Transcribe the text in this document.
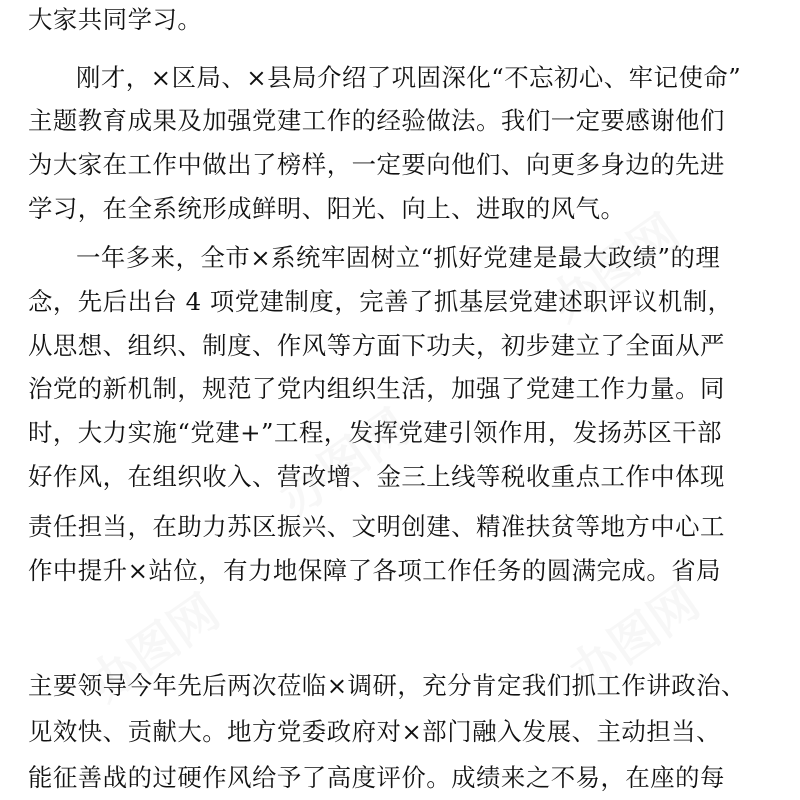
大家共同学习。
刚才，×区局、×县局介绍了巩固深化“不忘初心、牢记使命”
主题教育成果及加强党建工作的经验做法。我们一定要感谢他们
为大家在工作中做出了榜样，一定要向他们、向更多身边的先进
学习，在全系统形成鲜明、阳光、向上、进取的风气。
一年多来，全市×系统牢固树立“抓好党建是最大政绩”的理
念，先后出台 4 项党建制度，完善了抓基层党建述职评议机制，
从思想、组织、制度、作风等方面下功夫，初步建立了全面从严
治党的新机制，规范了党内组织生活，加强了党建工作力量。同
时，大力实施“党建+”工程，发挥党建引领作用，发扬苏区干部
好作风，在组织收入、营改增、金三上线等税收重点工作中体现
责任担当，在助力苏区振兴、文明创建、精准扶贫等地方中心工
作中提升×站位，有力地保障了各项工作任务的圆满完成。省局
主要领导今年先后两次莅临×调研，充分肯定我们抓工作讲政治、
见效快、贡献大。地方党委政府对×部门融入发展、主动担当、
能征善战的过硬作风给予了高度评价。成绩来之不易，在座的每
办图网
办图网
办图网	办图网
